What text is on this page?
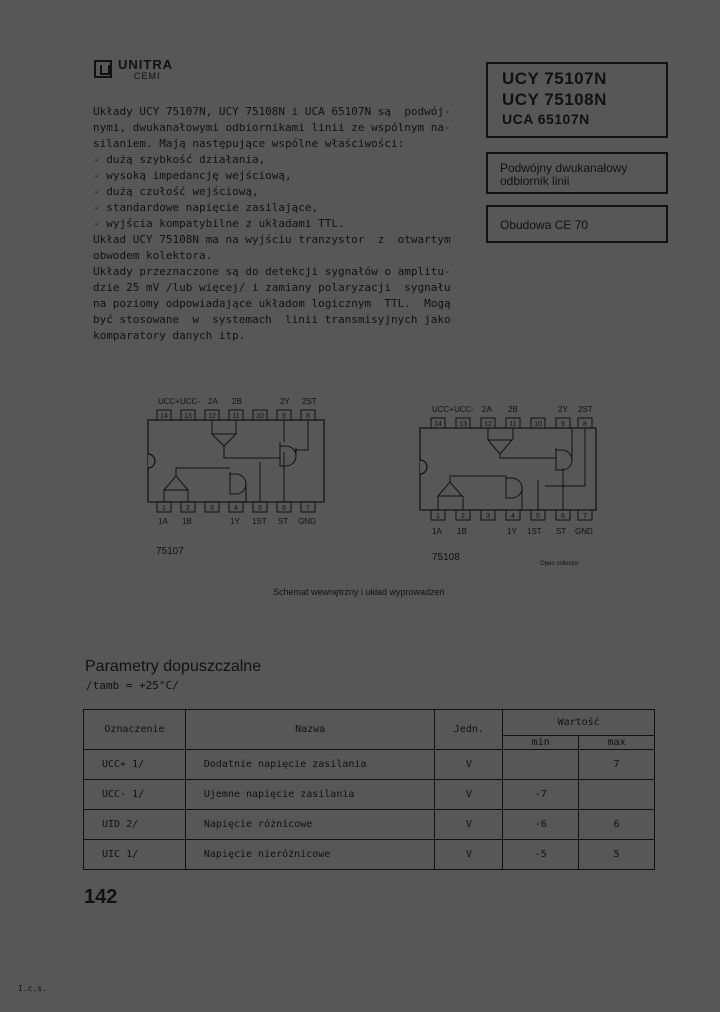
UNITRA
CEMI	UCY 75107N
UCY 75108N
UCA 65107N
Podwójny dwukanałowy odbiornik linii
Obudowa CE 70

Układy UCY 75107N, UCY 75108N i UCA 65107N są  podwój-

nymi, dwukanałowymi odbiornikami linii ze wspólnym na-

silaniem. Mają następujące wspólne właściwości:

- dużą szybkość działania,

- wysoką impedancję wejściową,

- dużą czułość wejściową,

- standardowe napięcie zasilające,

- wyjścia kompatybilne z układami TTL.

Układ UCY 75108N ma na wyjściu tranzystor  z  otwartym

obwodem kolektora.

Układy przeznaczone są do detekcji sygnałów o amplitu-

dzie 25 mV /lub więcej/ i zamiany polaryzacji  sygnału

na poziomy odpowiadające układom logicznym  TTL.  Mogą

być stosowane  w  systemach  linii transmisyjnych jako

komparatory danych itp.

UCC+ UCC- 2A 2B	2Y 2ST
14 13 12 11 10	9	8
1	2	3	4	5	6	7
1A 1B	1Y 1ST ST GND
75107
UCC+ UCC- 2A 2B	2Y 2ST
14 13 12 11 10	9	8
1	2	3	4	5	6	7
1A 1B	1Y 1ST ST GND
75108
Open collector
Schemat wewnętrzny i układ wyprowadzeń
Parametry dopuszczalne
/tamb = +25°C/
Oznaczenie	Nazwa	Jedn.	Wartość	
			min	max
UCC+ 1/	Dodatnie napięcie zasilania	V		7
UCC- 1/	Ujemne napięcie zasilania	V	-7	
UID 2/	Napięcie różnicowe	V	-6	6
UIC 1/	Napięcie nieróżnicowe	V	-5	5
142
I.c.s.
